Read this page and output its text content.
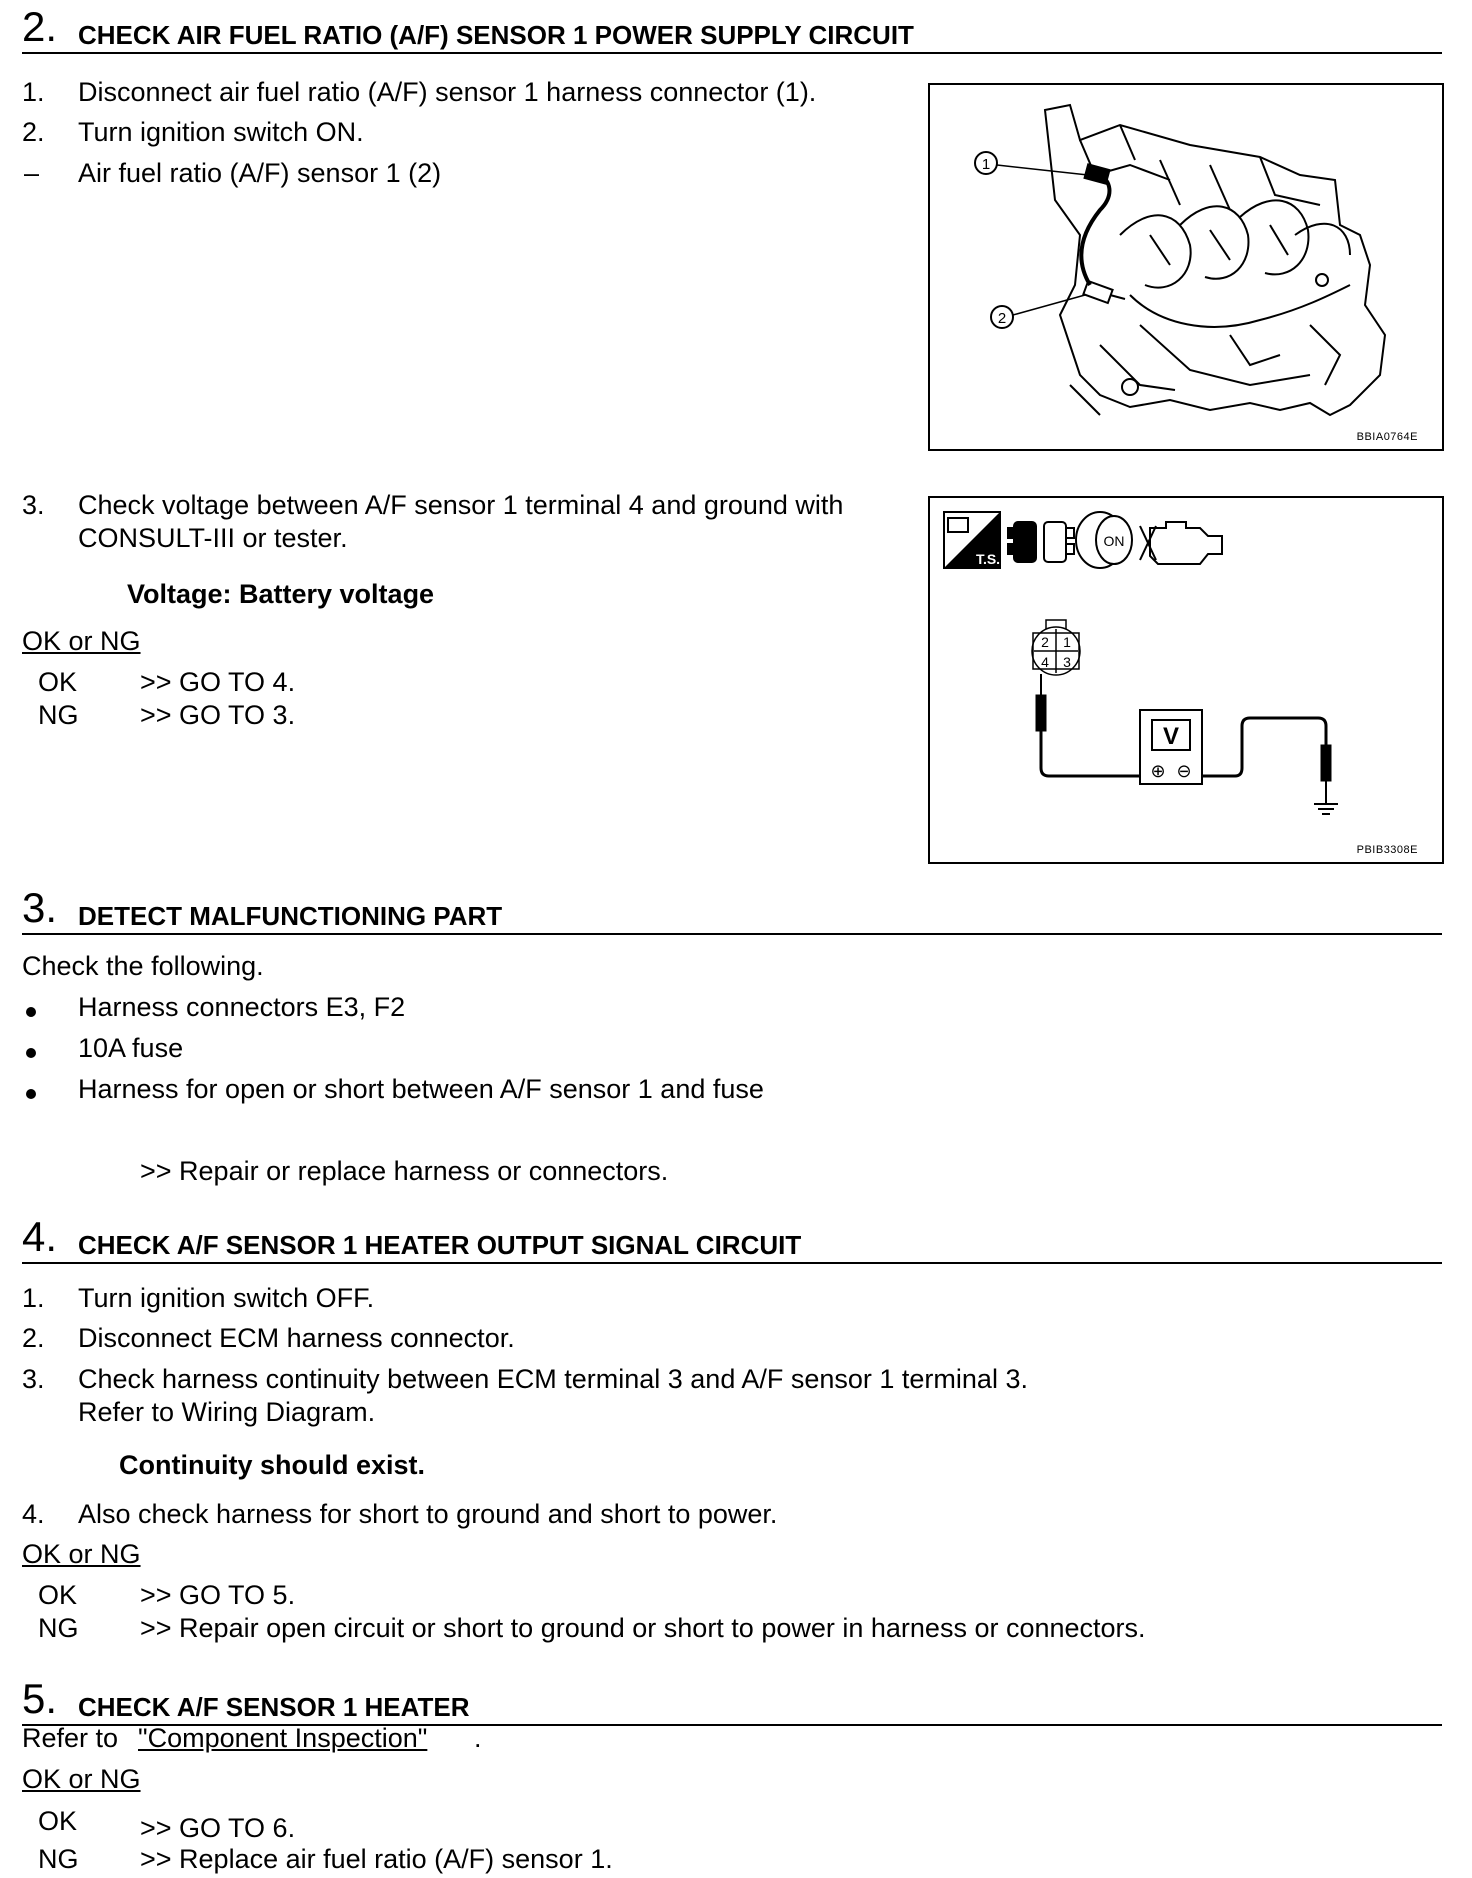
2. CHECK AIR FUEL RATIO (A/F) SENSOR 1 POWER SUPPLY CIRCUIT
1. Disconnect air fuel ratio (A/F) sensor 1 harness connector (1).
2. Turn ignition switch ON.
– Air fuel ratio (A/F) sensor 1 (2)	1
2
BBIA0764E
3. Check voltage between A/F sensor 1 terminal 4 and ground with
CONSULT-III or tester.
Voltage: Battery voltage
OK or NG
OK >> GO TO 4.
NG >> GO TO 3.
T.S.
ON
2 1
4 3
V
⊕ ⊖
PBIB3308E
3. DETECT MALFUNCTIONING PART
Check the following.
Harness connectors E3, F2
10A fuse
Harness for open or short between A/F sensor 1 and fuse
>> Repair or replace harness or connectors.
4. CHECK A/F SENSOR 1 HEATER OUTPUT SIGNAL CIRCUIT
1. Turn ignition switch OFF.
2. Disconnect ECM harness connector.
3. Check harness continuity between ECM terminal 3 and A/F sensor 1 terminal 3.
Refer to Wiring Diagram.
Continuity should exist.
4. Also check harness for short to ground and short to power.
OK or NG
OK >> GO TO 5.
NG >> Repair open circuit or short to ground or short to power in harness or connectors.
5. CHECK A/F SENSOR 1 HEATER
Refer to "Component Inspection" .
OK or NG
OK >> GO TO 6.
NG >> Replace air fuel ratio (A/F) sensor 1.
